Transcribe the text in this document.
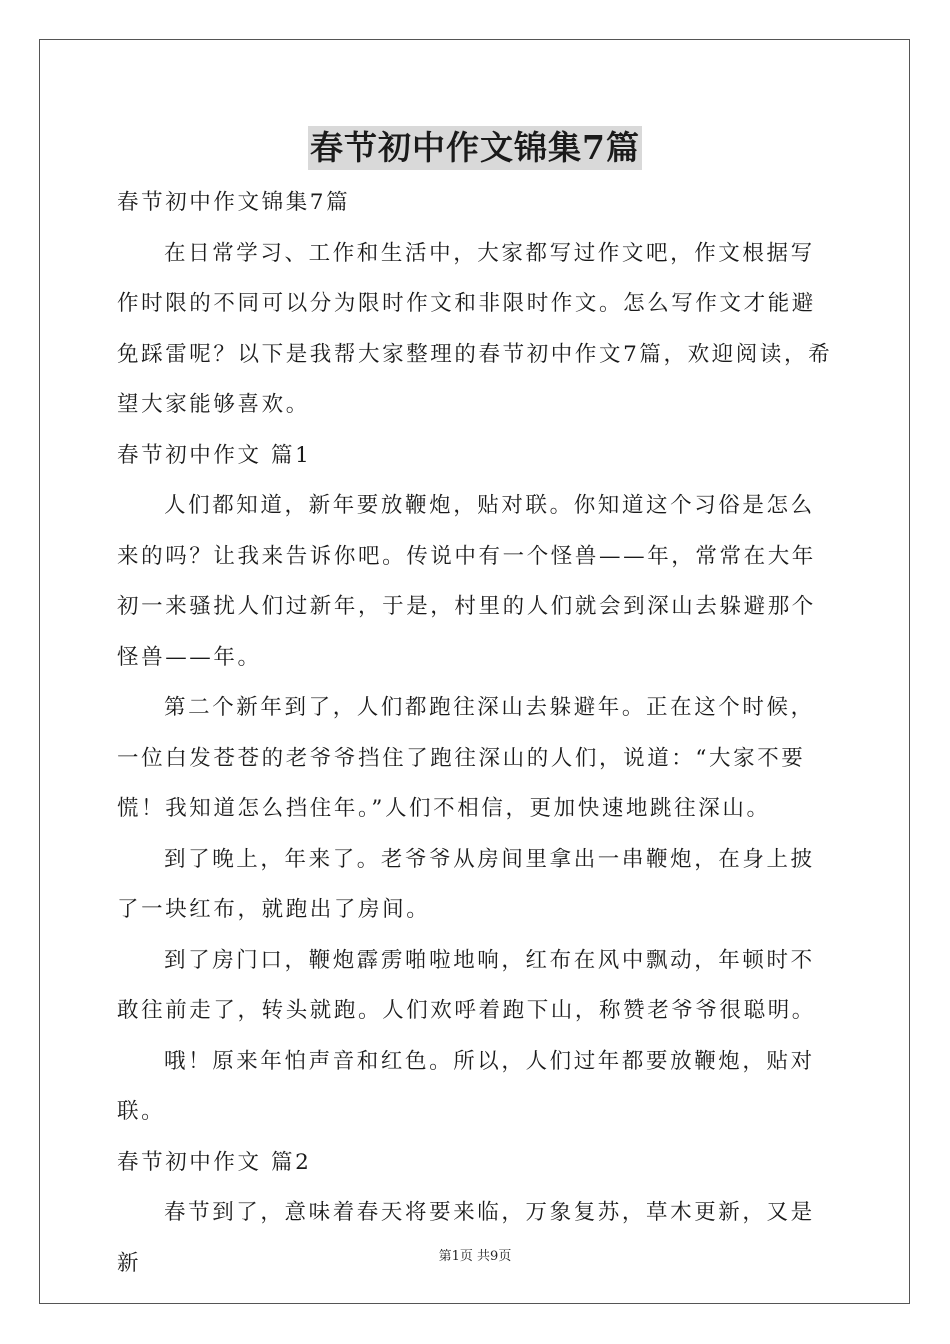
春节初中作文锦集7篇

春节初中作文锦集7篇

在日常学习、工作和生活中，大家都写过作文吧，作文根据写作时限的不同可以分为限时作文和非限时作文。怎么写作文才能避免踩雷呢？以下是我帮大家整理的春节初中作文7篇，欢迎阅读，希望大家能够喜欢。

春节初中作文 篇1

人们都知道，新年要放鞭炮，贴对联。你知道这个习俗是怎么来的吗？让我来告诉你吧。传说中有一个怪兽——年，常常在大年初一来骚扰人们过新年，于是，村里的人们就会到深山去躲避那个怪兽——年。

第二个新年到了，人们都跑往深山去躲避年。正在这个时候，一位白发苍苍的老爷爷挡住了跑往深山的人们，说道：“大家不要慌！我知道怎么挡住年。”人们不相信，更加快速地跳往深山。

到了晚上，年来了。老爷爷从房间里拿出一串鞭炮，在身上披了一块红布，就跑出了房间。

到了房门口，鞭炮霹雳啪啦地响，红布在风中飘动，年顿时不敢往前走了，转头就跑。人们欢呼着跑下山，称赞老爷爷很聪明。

哦！原来年怕声音和红色。所以，人们过年都要放鞭炮，贴对联。

春节初中作文 篇2

春节到了，意味着春天将要来临，万象复苏，草木更新，又是新	第1页 共9页
